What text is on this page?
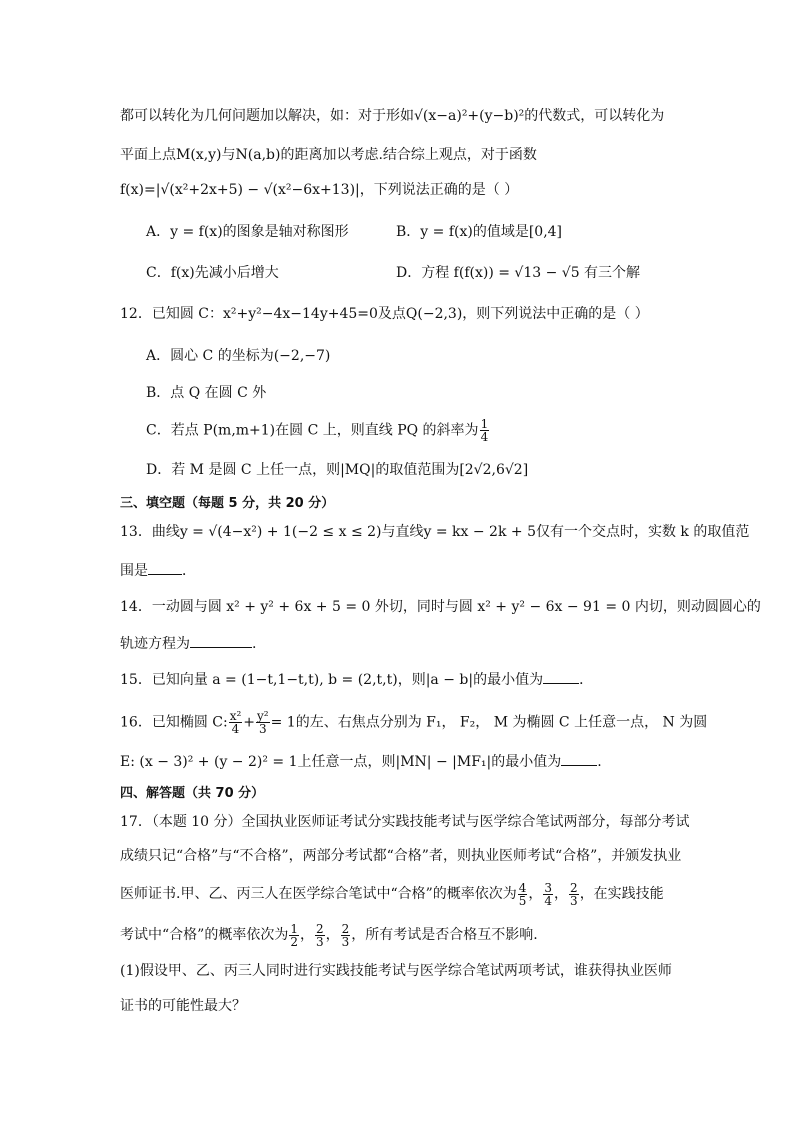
都可以转化为几何问题加以解决，如：对于形如√(x−a)²+(y−b)²的代数式，可以转化为
平面上点M(x,y)与N(a,b)的距离加以考虑.结合综上观点，对于函数
f(x)=|√(x²+2x+5) − √(x²−6x+13)|，下列说法正确的是（ ）
A．y = f(x)的图象是轴对称图形	B．y = f(x)的值域是[0,4]
C．f(x)先减小后增大	D．方程 f(f(x)) = √13 − √5 有三个解
12．已知圆 C：x²+y²−4x−14y+45=0及点Q(−2,3)，则下列说法中正确的是（ ）
A．圆心 C 的坐标为(−2,−7)
B．点 Q 在圆 C 外
C．若点 P(m,m+1)在圆 C 上，则直线 PQ 的斜率为 $\frac{1}{4}$
D．若 M 是圆 C 上任一点，则|MQ|的取值范围为[2√2,6√2]
三、填空题（每题 5 分，共 20 分）
13．曲线y = √(4−x²) + 1(−2 ≤ x ≤ 2)与直线y = kx − 2k + 5仅有一个交点时，实数 k 的取值范
围是 ．
14．一动圆与圆 x² + y² + 6x + 5 = 0 外切，同时与圆 x² + y² − 6x − 91 = 0 内切，则动圆圆心的
轨迹方程为	.
15．已知向量 a = (1−t,1−t,t), b = (2,t,t)，则|a − b|的最小值为	．
16．已知椭圆 C: $\frac{\text{x²}}{4} + \frac{\text{y²}}{3} = 1$的左、右焦点分别为 F₁， F₂， M 为椭圆 C 上任意一点， N 为圆
E: (x − 3)² + (y − 2)² = 1上任意一点，则|MN| − |MF₁|的最小值为	.
四、解答题（共 70 分）
17．（本题 10 分）全国执业医师证考试分实践技能考试与医学综合笔试两部分，每部分考试
成绩只记“合格”与“不合格”，两部分考试都“合格”者，则执业医师考试“合格”，并颁发执业
医师证书.甲、乙、丙三人在医学综合笔试中“合格”的概率依次为 $\frac{4}{5}$ ， $\frac{3}{4}$ ， $\frac{2}{3}$ ，在实践技能
考试中“合格”的概率依次为 $\frac{1}{2}$ ， $\frac{2}{3}$ ， $\frac{2}{3}$ ，所有考试是否合格互不影响.
(1)假设甲、乙、丙三人同时进行实践技能考试与医学综合笔试两项考试，谁获得执业医师
证书的可能性最大？
